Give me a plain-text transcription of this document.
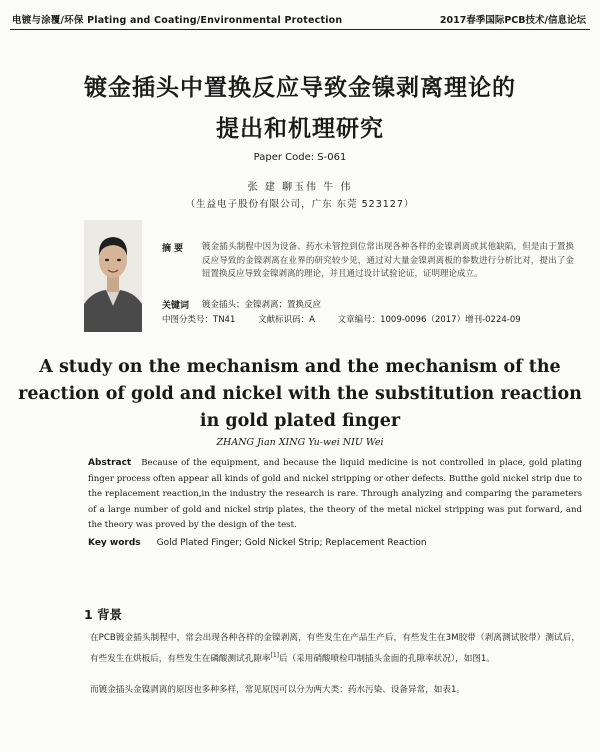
电镀与涂覆/环保 Plating and Coating/Environmental Protection	2017春季国际PCB技术/信息论坛
镀金插头中置换反应导致金镍剥离理论的
提出和机理研究
Paper Code: S-061
张 建 聊玉伟 牛 伟
（生益电子股份有限公司，广东 东莞 523127）
摘 要 镀金插头制程中因为设备、药水未管控到位常出现各种各样的金镍剥离或其他缺陷，但是由于置换反应导致的金镍剥离在业界的研究较少见，通过对大量金镍剥离板的参数进行分析比对，提出了金钮置换反应导致金镍剥离的理论，并且通过设计试验论证，证明理论成立。
关键词 镀金插头；金镍剥离；置换反应
中图分类号：TN41	文献标识码：A	文章编号：1009-0096（2017）增刊-0224-09
A study on the mechanism and the mechanism of the
reaction of gold and nickel with the substitution reaction
in gold plated finger
ZHANG Jian XING Yu-wei NIU Wei
Abstract Because of the equipment, and because the liquid medicine is not controlled in place, gold plating finger process often appear all kinds of gold and nickel stripping or other defects. Butthe gold nickel strip due to the replacement reaction,in the industry the research is rare. Through analyzing and comparing the parameters of a large number of gold and nickel strip plates, the theory of the metal nickel stripping was put forward, and the theory was proved by the design of the test.
Key words Gold Plated Finger; Gold Nickel Strip; Replacement Reaction
1 背景
在PCB镀金插头制程中，常会出现各种各样的金镍剥离，有些发生在产品生产后，有些发生在3M胶带（剥离测试胶带）测试后，有些发生在烘板后，有些发生在磷酸测试孔隙率[1]后（采用硝酸喷检印制插头金面的孔隙率状况），如图1。
而镀金插头金镍剥离的原因也多种多样，常见原因可以分为两大类：药水污染、设备异常，如表1。
